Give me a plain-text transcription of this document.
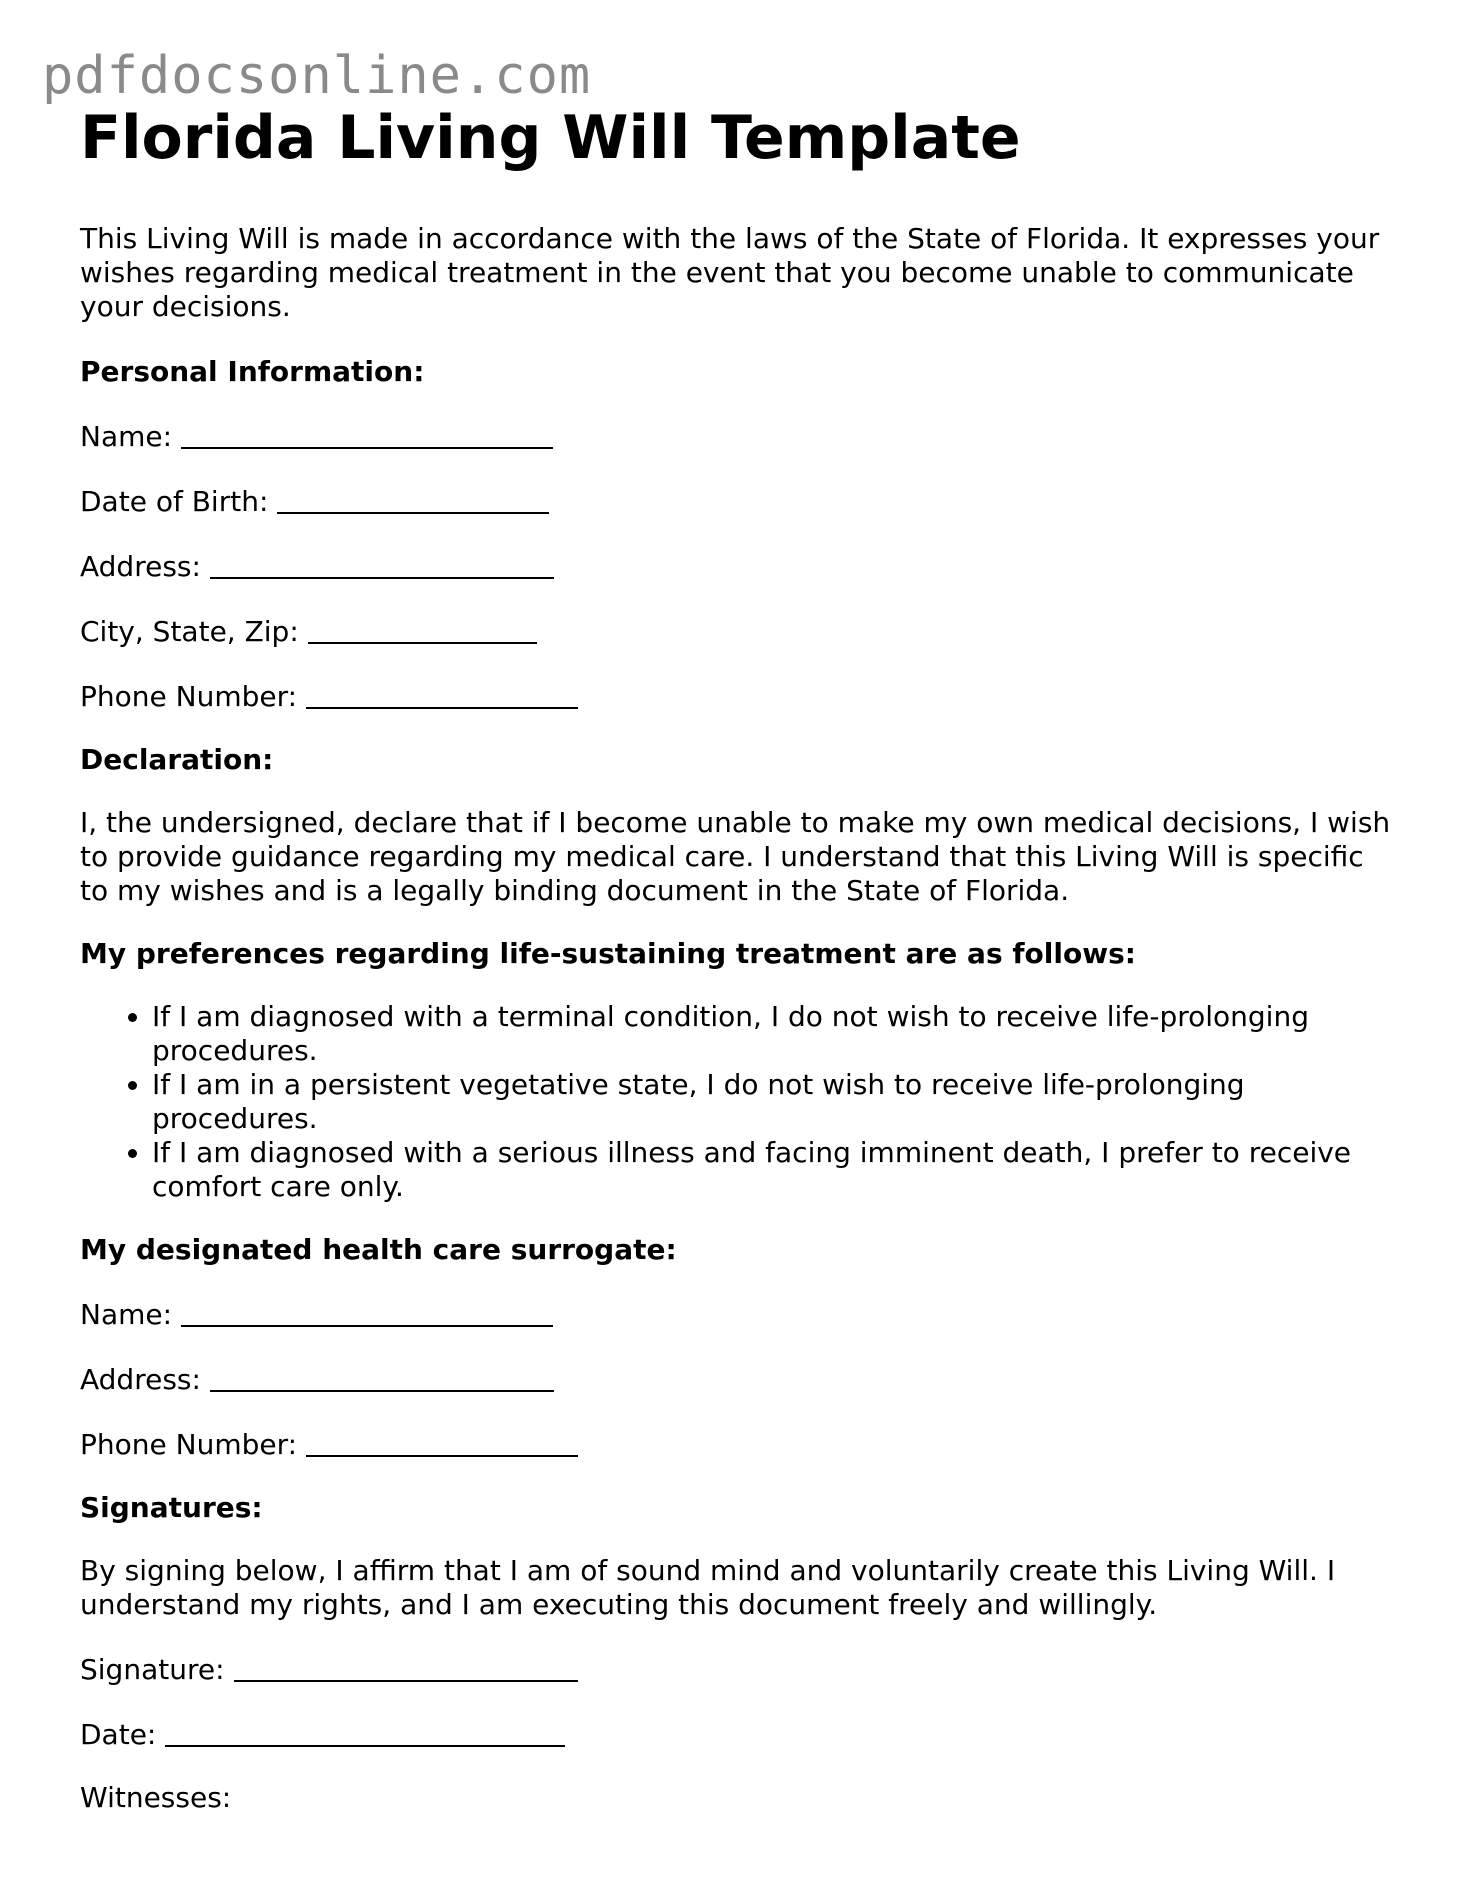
pdfdocsonline.com
Florida Living Will Template

This Living Will is made in accordance with the laws of the State of Florida. It expresses your wishes regarding medical treatment in the event that you become unable to communicate your decisions.

Personal Information:
Name:
Date of Birth:
Address:
City, State, Zip:
Phone Number:
Declaration:

I, the undersigned, declare that if I become unable to make my own medical decisions, I wish to provide guidance regarding my medical care. I understand that this Living Will is specific to my wishes and is a legally binding document in the State of Florida.

My preferences regarding life-sustaining treatment are as follows:
• If I am diagnosed with a terminal condition, I do not wish to receive life-prolonging procedures.
• If I am in a persistent vegetative state, I do not wish to receive life-prolonging procedures.
• If I am diagnosed with a serious illness and facing imminent death, I prefer to receive comfort care only.
My designated health care surrogate:
Name:
Address:
Phone Number:
Signatures:

By signing below, I affirm that I am of sound mind and voluntarily create this Living Will. I understand my rights, and I am executing this document freely and willingly.

Signature:
Date:
Witnesses:
